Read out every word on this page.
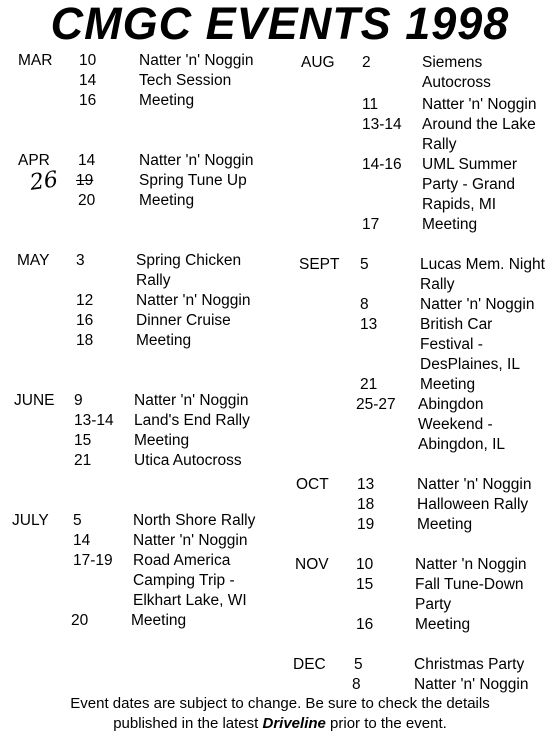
CMGC EVENTS 1998
MAR 10	Natter 'n' Noggin
14	Tech Session
16	Meeting
APR 14	Natter 'n' Noggin
26 19	Spring Tune Up
20	Meeting
MAY 3	Spring Chicken
Rally
12	Natter 'n' Noggin
16	Dinner Cruise
18	Meeting
JUNE 9	Natter 'n' Noggin
13-14 Land's End Rally
15	Meeting
21	Utica Autocross
JULY 5	North Shore Rally
14	Natter 'n' Noggin
17-19 Road America
Camping Trip -
Elkhart Lake, WI
20	Meeting
AUG 2	Siemens
Autocross
11	Natter 'n' Noggin
13-14 Around the Lake
Rally
14-16 UML Summer
Party - Grand
Rapids, MI
17	Meeting
SEPT 5	Lucas Mem. Night
Rally
8	Natter 'n' Noggin
13	British Car
Festival -
DesPlaines, IL
21	Meeting
25-27 Abingdon
Weekend -
Abingdon, IL
OCT 13	Natter 'n' Noggin
18	Halloween Rally
19	Meeting
NOV 10	Natter 'n Noggin
15	Fall Tune-Down
Party
16	Meeting
DEC 5	Christmas Party
8	Natter 'n' Noggin
Event dates are subject to change. Be sure to check the details
published in the latest Driveline prior to the event.
